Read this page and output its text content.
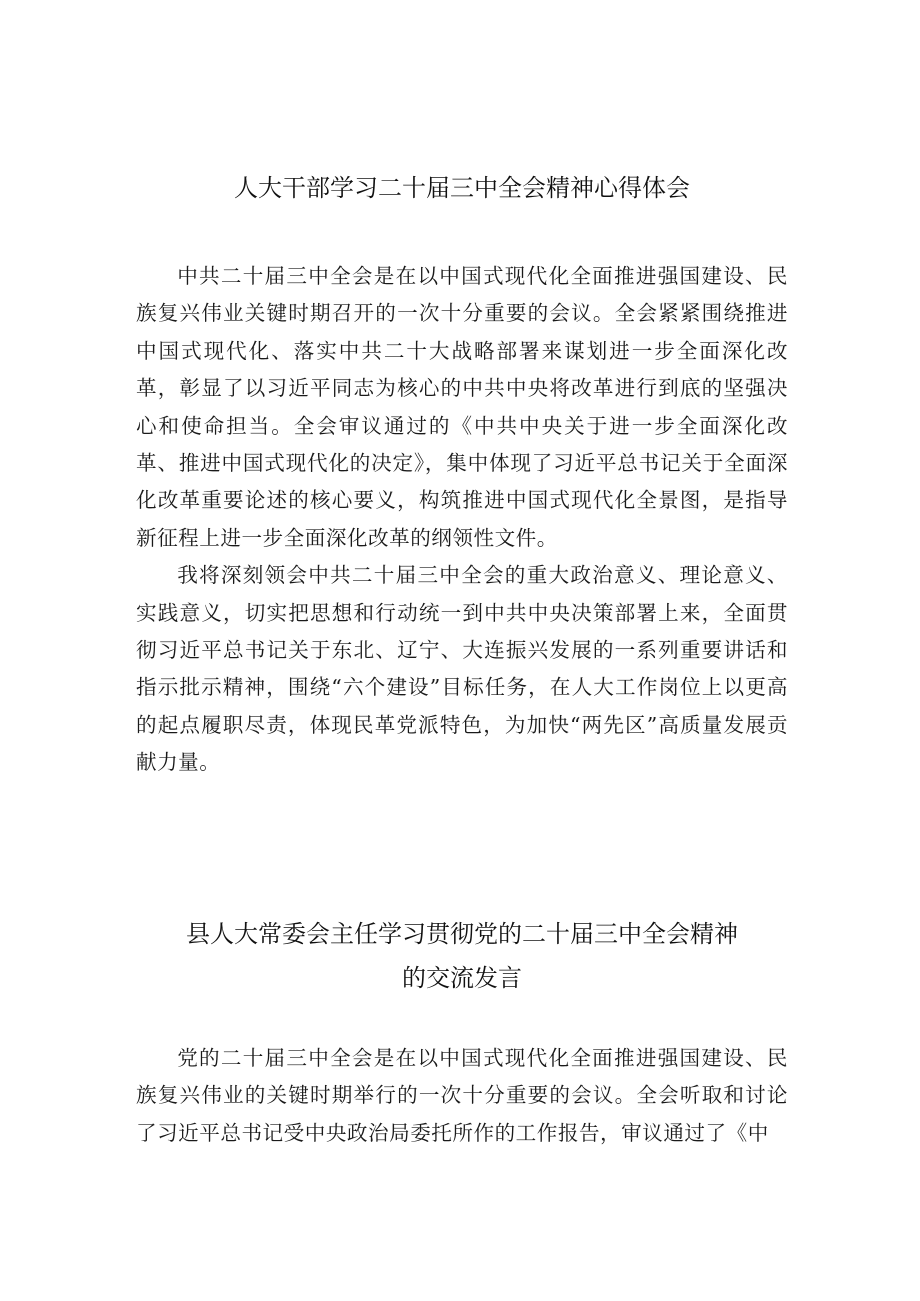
人大干部学习二十届三中全会精神心得体会

中共二十届三中全会是在以中国式现代化全面推进强国建设、民族复兴伟业关键时期召开的一次十分重要的会议。全会紧紧围绕推进中国式现代化、落实中共二十大战略部署来谋划进一步全面深化改革，彰显了以习近平同志为核心的中共中央将改革进行到底的坚强决心和使命担当。全会审议通过的《中共中央关于进一步全面深化改革、推进中国式现代化的决定》，集中体现了习近平总书记关于全面深化改革重要论述的核心要义，构筑推进中国式现代化全景图，是指导新征程上进一步全面深化改革的纲领性文件。

我将深刻领会中共二十届三中全会的重大政治意义、理论意义、实践意义，切实把思想和行动统一到中共中央决策部署上来，全面贯彻习近平总书记关于东北、辽宁、大连振兴发展的一系列重要讲话和指示批示精神，围绕“六个建设”目标任务，在人大工作岗位上以更高的起点履职尽责，体现民革党派特色，为加快“两先区”高质量发展贡献力量。

县人大常委会主任学习贯彻党的二十届三中全会精神
的交流发言

党的二十届三中全会是在以中国式现代化全面推进强国建设、民族复兴伟业的关键时期举行的一次十分重要的会议。全会听取和讨论了习近平总书记受中央政治局委托所作的工作报告，审议通过了《中
